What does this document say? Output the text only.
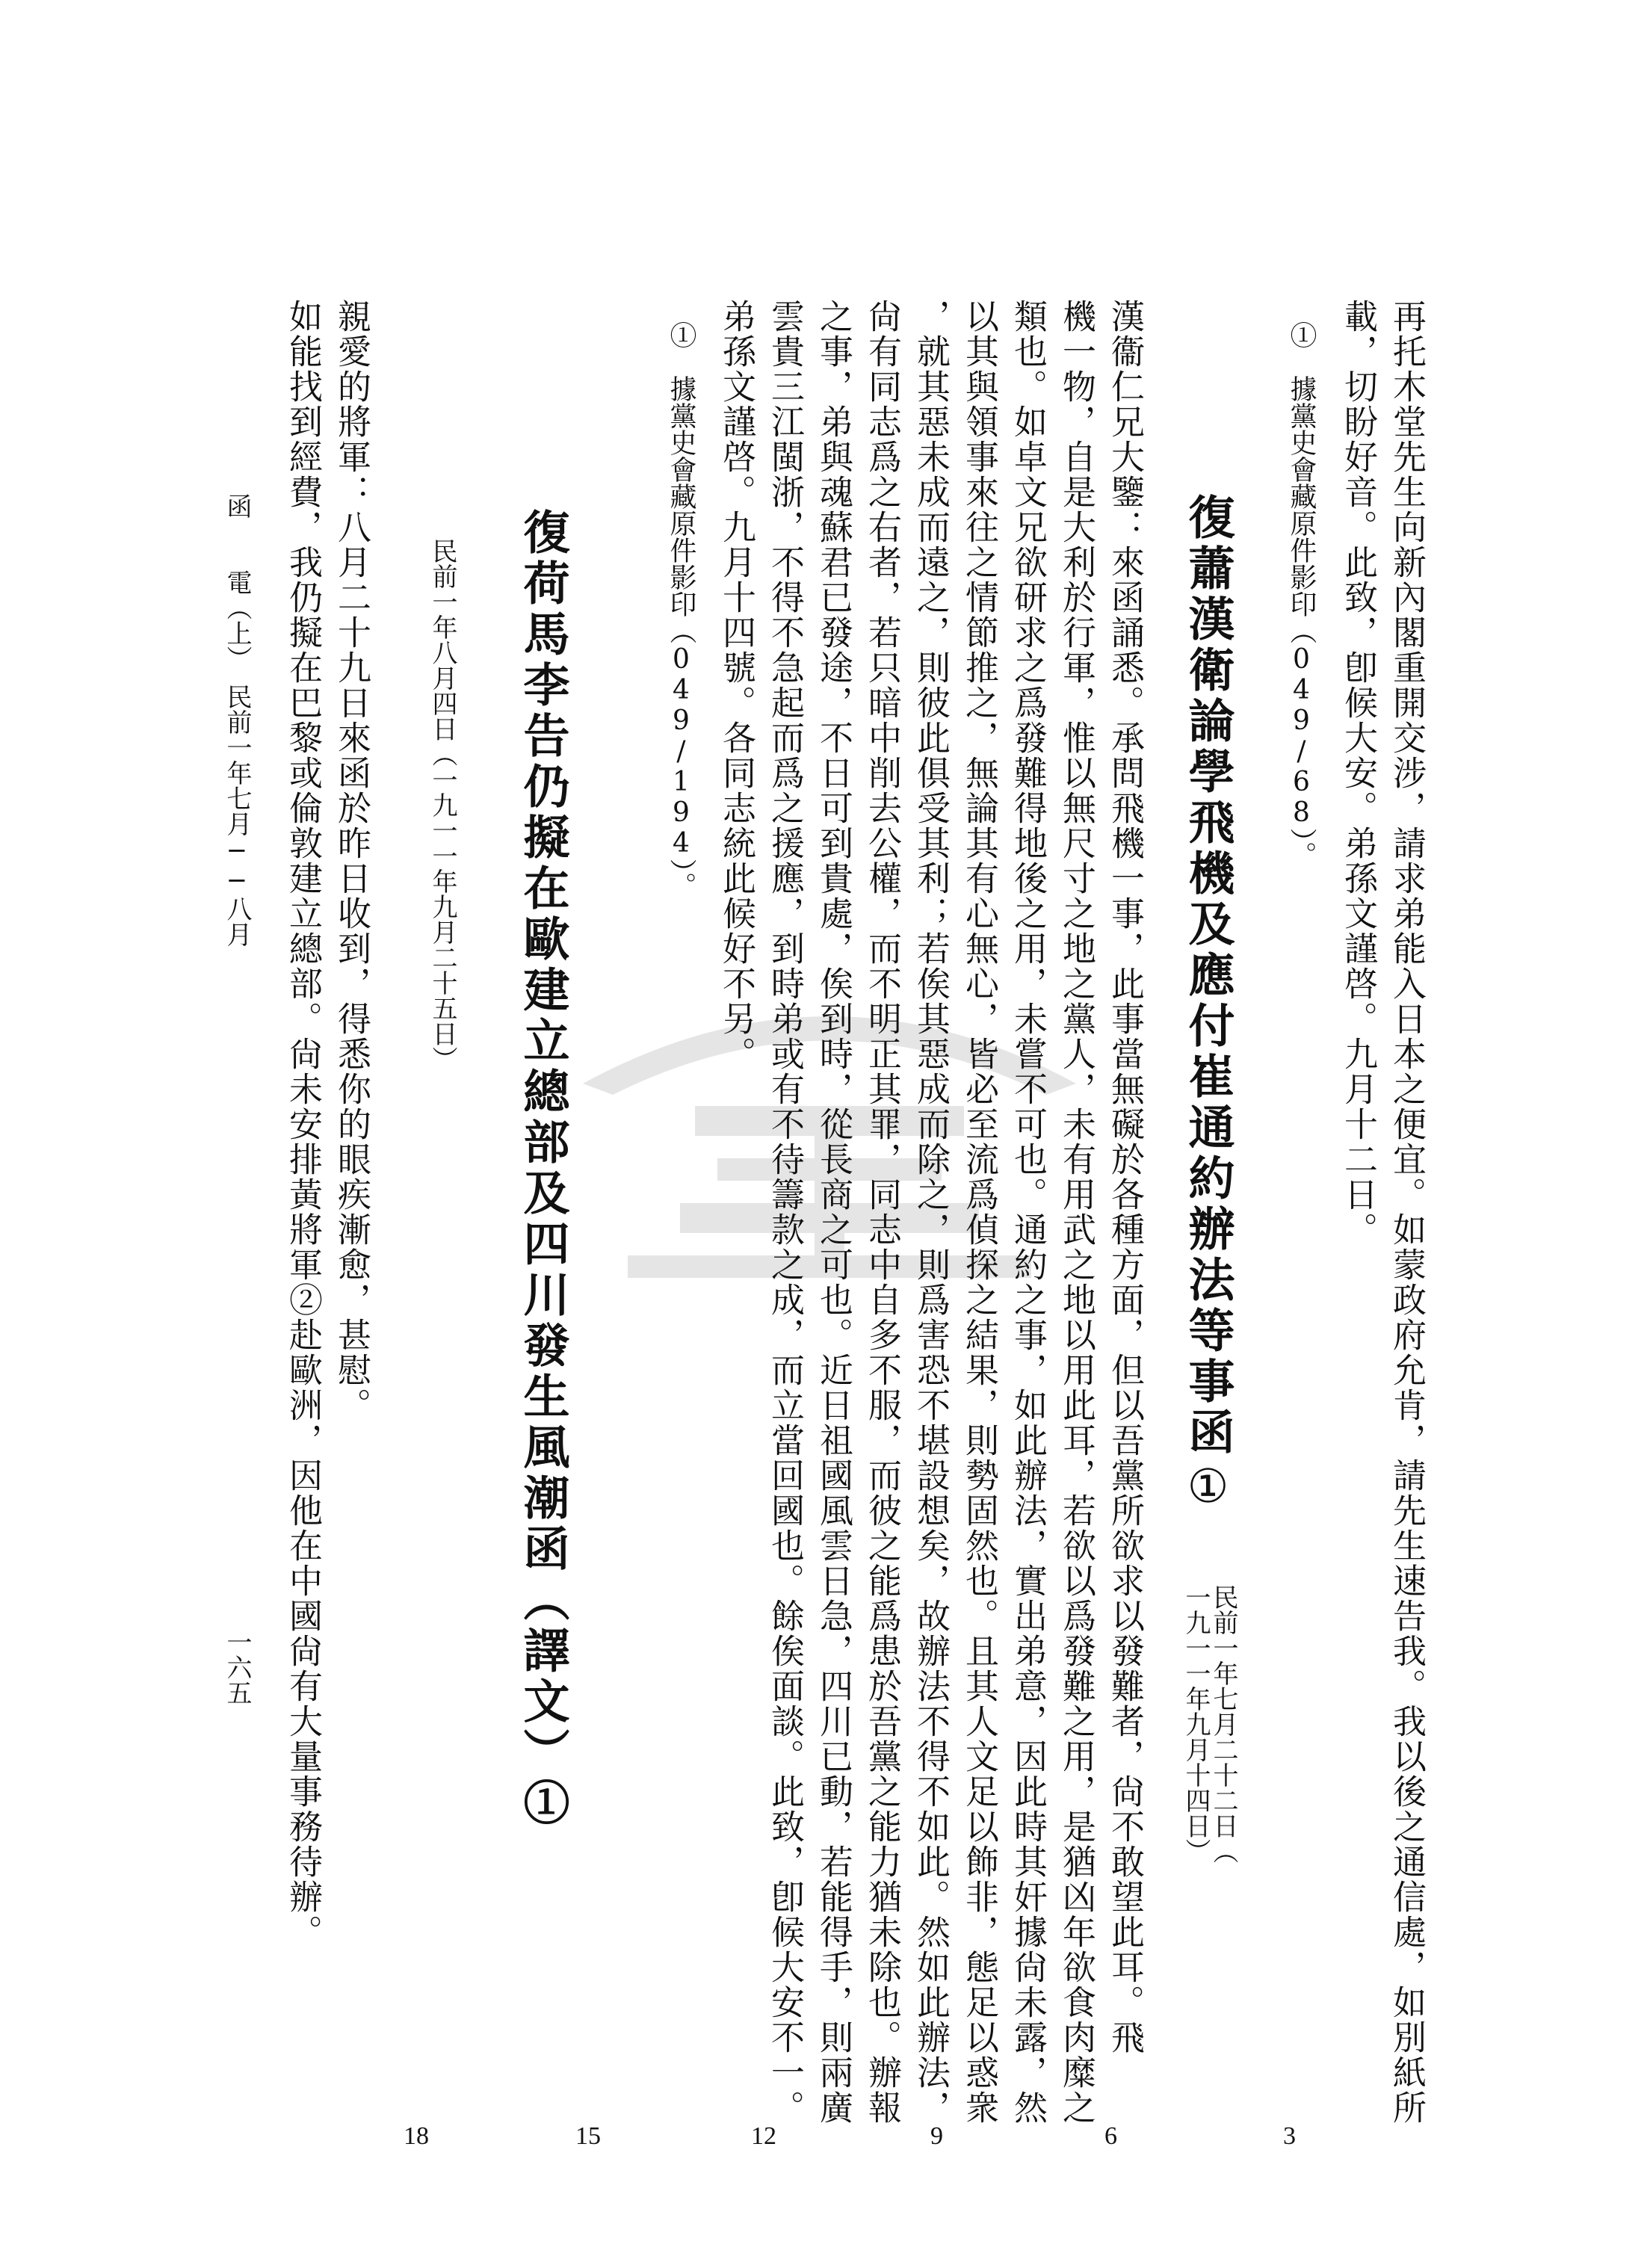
再托木堂先生向新內閣重開交涉，請求弟能入日本之便宜。如蒙政府允肯，請先生速告我。我以後之通信處，如別紙所

載，切盼好音。此致，卽候大安。弟孫文謹啓。九月十二日。

①　據黨史會藏原件影印（049/68）。

復蕭漢衛論學飛機及應付崔通約辦法等事函①

民前一年七月二十二日（

一九一一年九月十四日）

漢衞仁兄大鑒：來函誦悉。承問飛機一事，此事當無礙於各種方面，但以吾黨所欲求以發難者，尙不敢望此耳。飛

機一物，自是大利於行軍，惟以無尺寸之地之黨人，未有用武之地以用此耳，若欲以爲發難之用，是猶凶年欲食肉糜之

類也。如卓文兄欲研求之爲發難得地後之用，未嘗不可也。通約之事，如此辦法，實出弟意，因此時其奸據尙未露，然

以其與領事來往之情節推之，無論其有心無心，皆必至流爲偵探之結果，則勢固然也。且其人文足以飾非，態足以惑衆

，就其惡未成而遠之，則彼此俱受其利；若俟其惡成而除之，則爲害恐不堪設想矣，故辦法不得不如此。然如此辦法，

尙有同志爲之右者，若只暗中削去公權，而不明正其罪，同志中自多不服，而彼之能爲患於吾黨之能力猶未除也。辦報

之事，弟與魂蘇君已發途，不日可到貴處，俟到時，從長商之可也。近日祖國風雲日急，四川已動，若能得手，則兩廣

雲貴三江閩浙，不得不急起而爲之援應，到時弟或有不待籌款之成，而立當回國也。餘俟面談。此致，卽候大安不一。

弟孫文謹啓。九月十四號。各同志統此候好不另。

①　據黨史會藏原件影印（049/194）。

復荷馬李告仍擬在歐建立總部及四川發生風潮函（譯文）①

民前一年八月四日（一九一一年九月二十五日）

親愛的將軍：八月二十九日來函於昨日收到，得悉你的眼疾漸愈，甚慰。

如能找到經費，我仍擬在巴黎或倫敦建立總部。尙未安排黃將軍②赴歐洲，因他在中國尙有大量事務待辦。

函　　電（上）　民前一年七月──八月

一六五

3
6
9
12
15
18
